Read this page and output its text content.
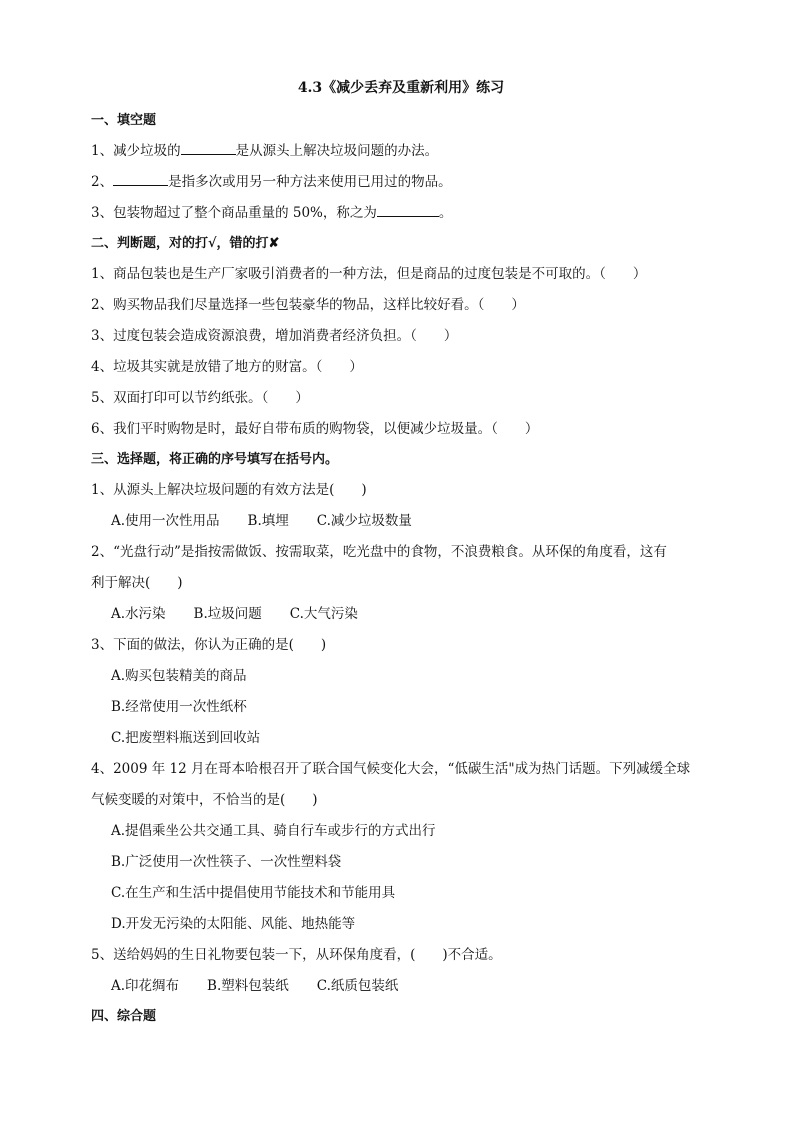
4.3《减少丢弃及重新利用》练习
一、填空题
1、减少垃圾的	是从源头上解决垃圾问题的办法。
2、	是指多次或用另一种方法来使用已用过的物品。
3、包装物超过了整个商品重量的 50%，称之为	。
二、判断题，对的打√，错的打✘
1、商品包装也是生产厂家吸引消费者的一种方法，但是商品的过度包装是不可取的。（　　）
2、购买物品我们尽量选择一些包装豪华的物品，这样比较好看。（　　）
3、过度包装会造成资源浪费，增加消费者经济负担。（　　）
4、垃圾其实就是放错了地方的财富。（　　）
5、双面打印可以节约纸张。（　　）
6、我们平时购物是时，最好自带布质的购物袋，以便减少垃圾量。（　　）
三、选择题，将正确的序号填写在括号内。
1、从源头上解决垃圾问题的有效方法是(　　)
A.使用一次性用品 B.填埋 C.减少垃圾数量
2、“光盘行动”是指按需做饭、按需取菜，吃光盘中的食物，不浪费粮食。从环保的角度看，这有
利于解决(　　)
A.水污染 B.垃圾问题 C.大气污染
3、下面的做法，你认为正确的是(　　)
A.购买包装精美的商品
B.经常使用一次性纸杯
C.把废塑料瓶送到回收站
4、2009 年 12 月在哥本哈根召开了联合国气候变化大会，“低碳生活"成为热门话题。下列减缓全球
气候变暖的对策中，不恰当的是(　　)
A.提倡乘坐公共交通工具、骑自行车或步行的方式出行
B.广泛使用一次性筷子、一次性塑料袋
C.在生产和生活中提倡使用节能技术和节能用具
D.开发无污染的太阳能、风能、地热能等
5、送给妈妈的生日礼物要包装一下，从环保角度看，(　　)不合适。
A.印花绸布 B.塑料包装纸 C.纸质包装纸
四、综合题
